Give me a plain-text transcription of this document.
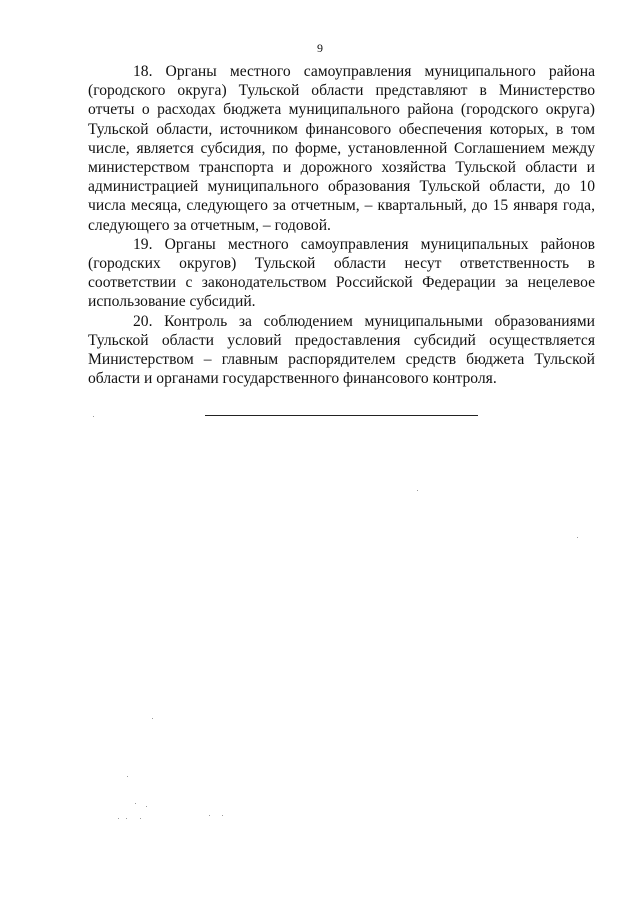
9

18. Органы местного самоуправления муниципального района (городского округа) Тульской области представляют в Министерство отчеты о расходах бюджета муниципального района (городского округа) Тульской области, источником финансового обеспечения которых, в том числе, является субсидия, по форме, установленной Соглашением между министерством транспорта и дорожного хозяйства Тульской области и администрацией муниципального образования Тульской области, до 10 числа месяца, следующего за отчетным, – квартальный, до 15 января года, следующего за отчетным, – годовой.

19. Органы местного самоуправления муниципальных районов (городских округов) Тульской области несут ответственность в соответствии с законодательством Российской Федерации за нецелевое использование субсидий.

20. Контроль за соблюдением муниципальными образованиями Тульской области условий предоставления субсидий осуществляется Министерством – главным распорядителем средств бюджета Тульской области и органами государственного финансового контроля.
